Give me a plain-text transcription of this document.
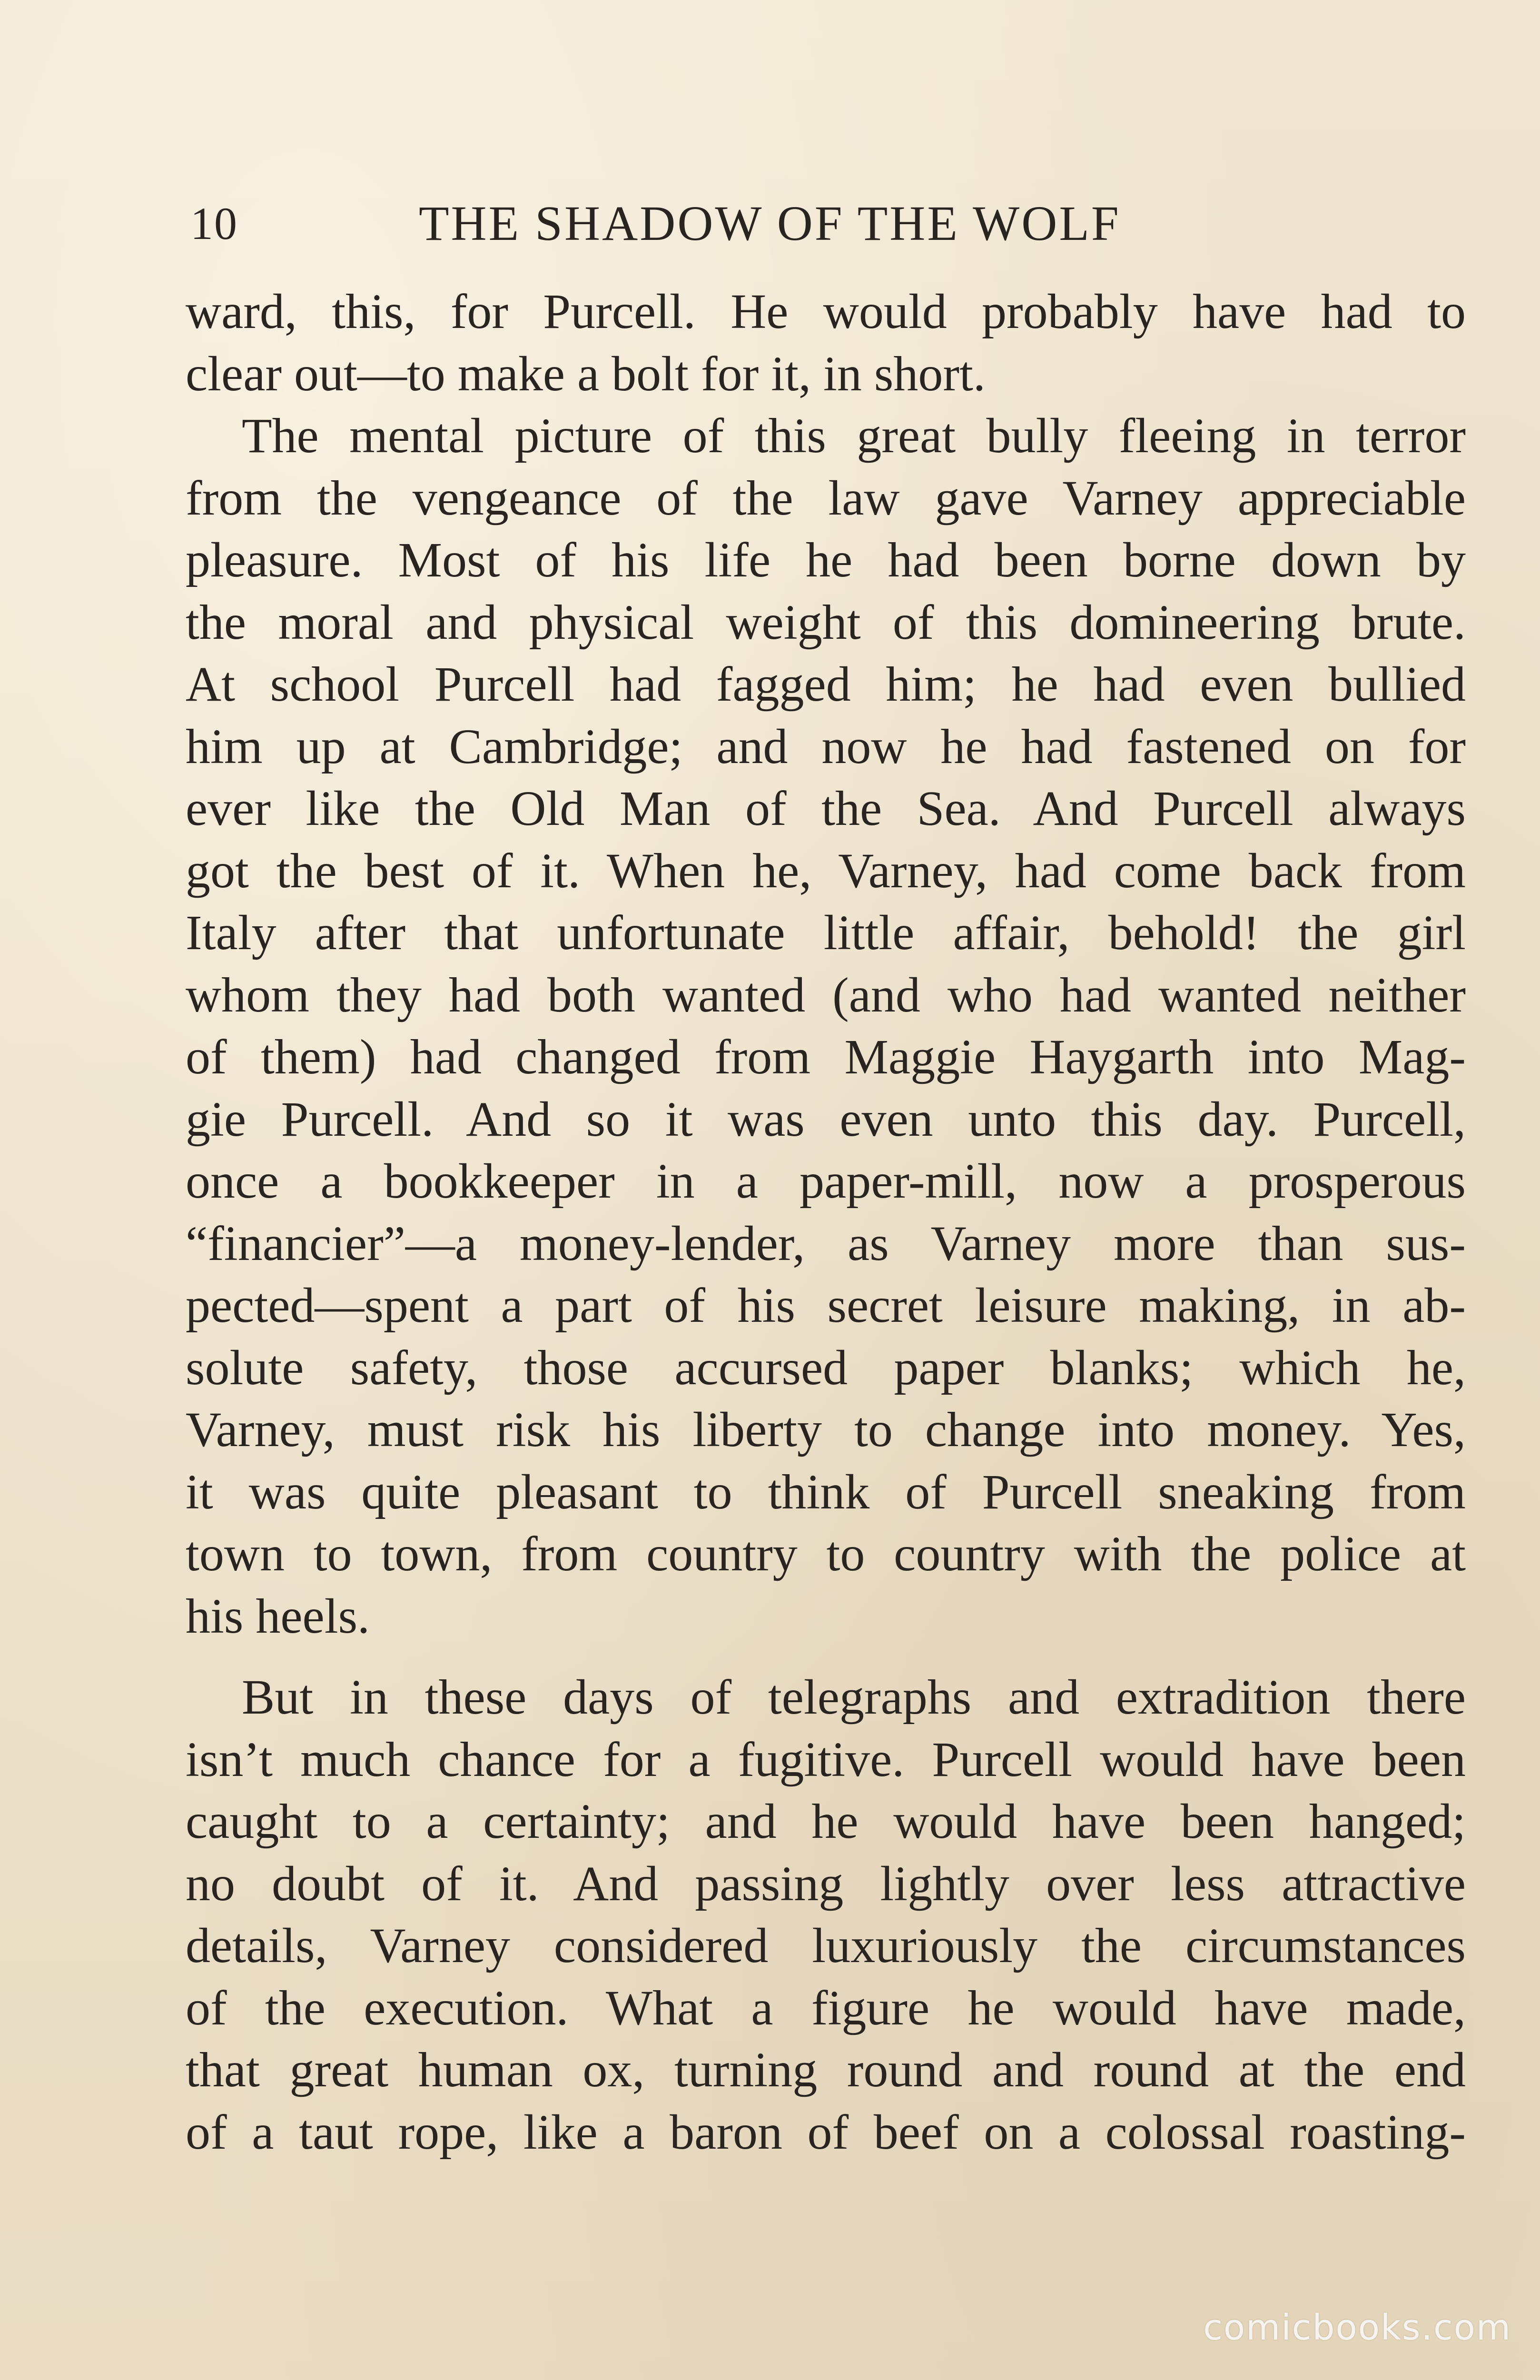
10	THE SHADOW OF THE WOLF
ward, this, for Purcell. He would probably have had to
clear out—to make a bolt for it, in short.
The mental picture of this great bully fleeing in terror
from the vengeance of the law gave Varney appreciable
pleasure. Most of his life he had been borne down by
the moral and physical weight of this domineering brute.
At school Purcell had fagged him; he had even bullied
him up at Cambridge; and now he had fastened on for
ever like the Old Man of the Sea. And Purcell always
got the best of it. When he, Varney, had come back from
Italy after that unfortunate little affair, behold! the girl
whom they had both wanted (and who had wanted neither
of them) had changed from Maggie Haygarth into Mag-
gie Purcell. And so it was even unto this day. Purcell,
once a bookkeeper in a paper-mill, now a prosperous
“financier”—a money-lender, as Varney more than sus-
pected—spent a part of his secret leisure making, in ab-
solute safety, those accursed paper blanks; which he,
Varney, must risk his liberty to change into money. Yes,
it was quite pleasant to think of Purcell sneaking from
town to town, from country to country with the police at
his heels.
But in these days of telegraphs and extradition there
isn’t much chance for a fugitive. Purcell would have been
caught to a certainty; and he would have been hanged;
no doubt of it. And passing lightly over less attractive
details, Varney considered luxuriously the circumstances
of the execution. What a figure he would have made,
that great human ox, turning round and round at the end
of a taut rope, like a baron of beef on a colossal roasting-
comicbooks.com
